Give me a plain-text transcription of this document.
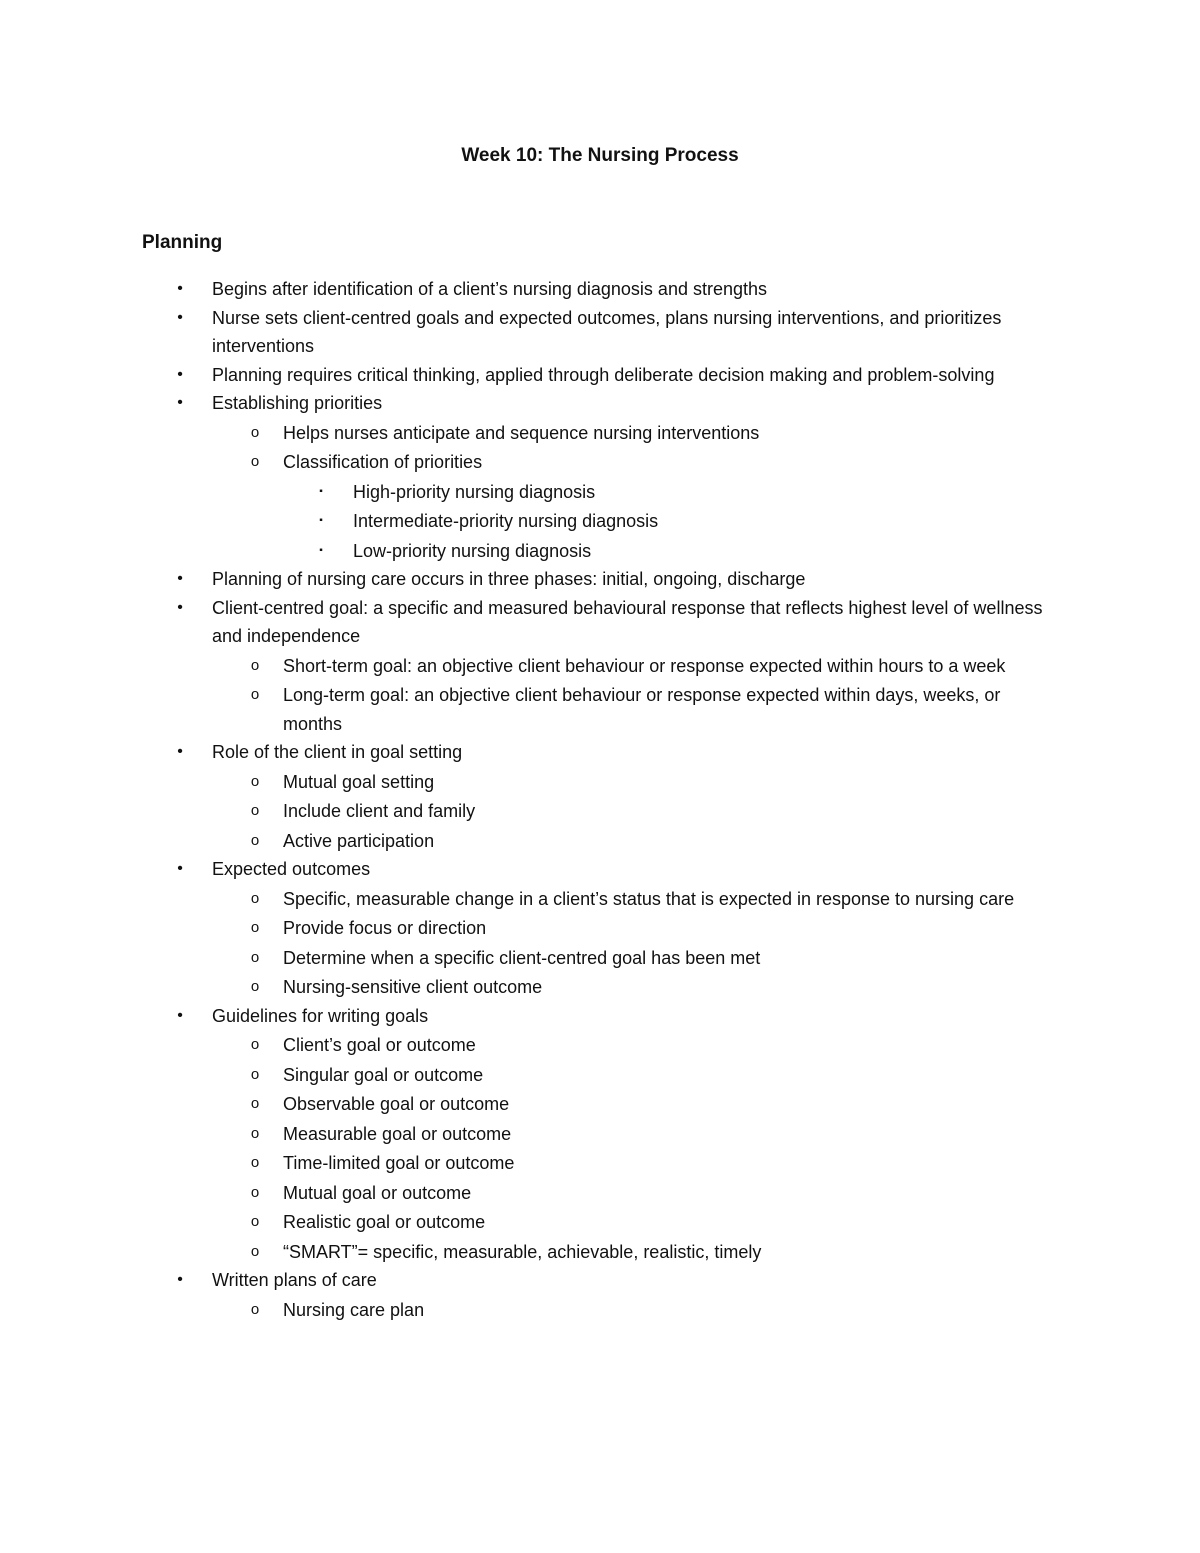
Week 10: The Nursing Process
Planning
•	Begins after identification of a client’s nursing diagnosis and strengths
•	Nurse sets client-centred goals and expected outcomes, plans nursing interventions, and prioritizes interventions
•	Planning requires critical thinking, applied through deliberate decision making and problem-solving
•	Establishing priorities
o	Helps nurses anticipate and sequence nursing interventions
o	Classification of priorities
▪	High-priority nursing diagnosis
▪	Intermediate-priority nursing diagnosis
▪	Low-priority nursing diagnosis
•	Planning of nursing care occurs in three phases: initial, ongoing, discharge
•	Client-centred goal: a specific and measured behavioural response that reflects highest level of wellness and independence
o	Short-term goal: an objective client behaviour or response expected within hours to a week
o	Long-term goal: an objective client behaviour or response expected within days, weeks, or months
•	Role of the client in goal setting
o	Mutual goal setting
o	Include client and family
o	Active participation
•	Expected outcomes
o	Specific, measurable change in a client’s status that is expected in response to nursing care
o	Provide focus or direction
o	Determine when a specific client-centred goal has been met
o	Nursing-sensitive client outcome
•	Guidelines for writing goals
o	Client’s goal or outcome
o	Singular goal or outcome
o	Observable goal or outcome
o	Measurable goal or outcome
o	Time-limited goal or outcome
o	Mutual goal or outcome
o	Realistic goal or outcome
o	“SMART”= specific, measurable, achievable, realistic, timely
•	Written plans of care
o	Nursing care plan
